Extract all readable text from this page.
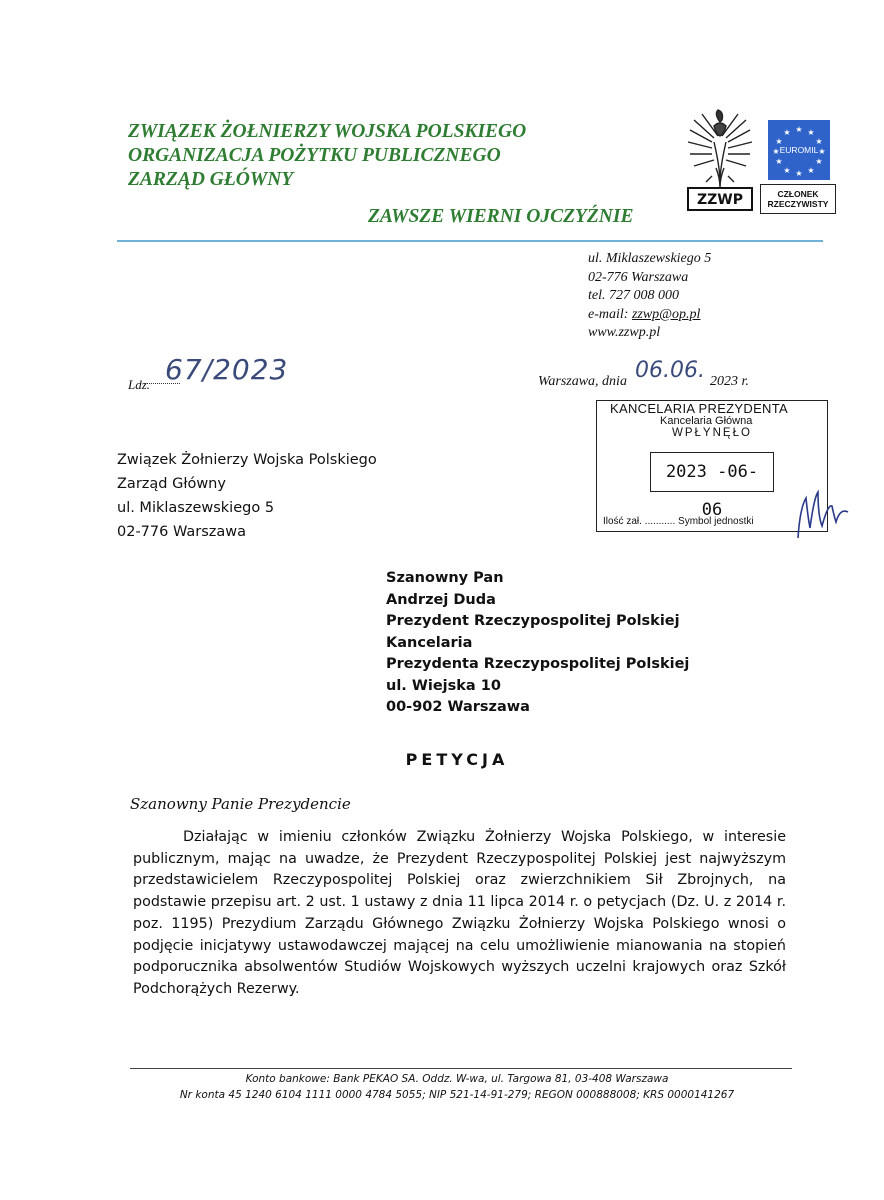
ZWIĄZEK ŻOŁNIERZY WOJSKA POLSKIEGO
ORGANIZACJA POŻYTKU PUBLICZNEGO
ZARZĄD GŁÓWNY
ZAWSZE WIERNI OJCZYŹNIE
ZZWP
★ ★
★
★
★
★
★
★
★
★
★
★
EUROMIL
CZŁONEK
RZECZYWISTY
ul. Miklaszewskiego 5
02-776 Warszawa
tel. 727 008 000
e-mail: zzwp@op.pl
www.zzwp.pl
Ldz. 67/2023	Warszawa, dnia 06.06. 2023 r.
KANCELARIA PREZYDENTA
Kancelaria Główna
WPŁYNĘŁO
2023 -06- 06
Ilość zał. ........... Symbol jednostki
Związek Żołnierzy Wojska Polskiego
Zarząd Główny
ul. Miklaszewskiego 5
02-776 Warszawa
Szanowny Pan
Andrzej Duda
Prezydent Rzeczypospolitej Polskiej
Kancelaria
Prezydenta Rzeczypospolitej Polskiej
ul. Wiejska 10
00-902 Warszawa
PETYCJA
Szanowny Panie Prezydencie
Działając w imieniu członków Związku Żołnierzy Wojska Polskiego, w interesie publicznym, mając na uwadze, że Prezydent Rzeczypospolitej Polskiej jest najwyższym przedstawicielem Rzeczypospolitej Polskiej oraz zwierzchnikiem Sił Zbrojnych, na podstawie przepisu art. 2 ust. 1 ustawy z dnia 11 lipca 2014 r. o petycjach (Dz. U. z 2014 r. poz. 1195) Prezydium Zarządu Głównego Związku Żołnierzy Wojska Polskiego wnosi o podjęcie inicjatywy ustawodawczej mającej na celu umożliwienie mianowania na stopień podporucznika absolwentów Studiów Wojskowych wyższych uczelni krajowych oraz Szkół Podchorążych Rezerwy.
Konto bankowe: Bank PEKAO SA. Oddz. W-wa, ul. Targowa 81, 03-408 Warszawa
Nr konta 45 1240 6104 1111 0000 4784 5055; NIP 521-14-91-279; REGON 000888008; KRS 0000141267
